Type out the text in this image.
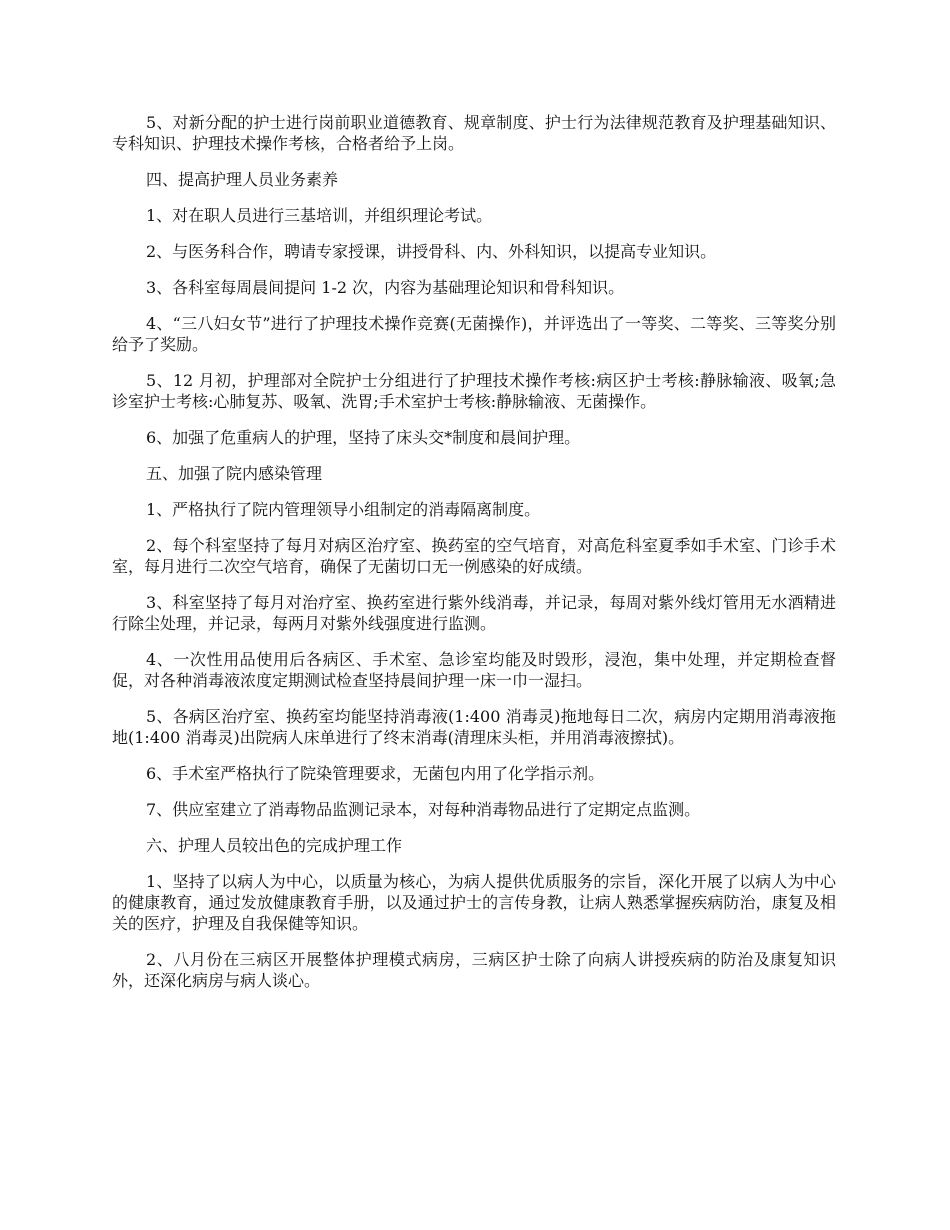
5、对新分配的护士进行岗前职业道德教育、规章制度、护士行为法律规范教育及护理基础知识、专科知识、护理技术操作考核，合格者给予上岗。

四、提高护理人员业务素养

1、对在职人员进行三基培训，并组织理论考试。

2、与医务科合作，聘请专家授课，讲授骨科、内、外科知识，以提高专业知识。

3、各科室每周晨间提问 1-2 次，内容为基础理论知识和骨科知识。

4、“三八妇女节”进行了护理技术操作竞赛(无菌操作)，并评选出了一等奖、二等奖、三等奖分别给予了奖励。

5、12 月初，护理部对全院护士分组进行了护理技术操作考核:病区护士考核:静脉输液、吸氧;急诊室护士考核:心肺复苏、吸氧、洗胃;手术室护士考核:静脉输液、无菌操作。

6、加强了危重病人的护理，坚持了床头交*制度和晨间护理。

五、加强了院内感染管理

1、严格执行了院内管理领导小组制定的消毒隔离制度。

2、每个科室坚持了每月对病区治疗室、换药室的空气培育，对高危科室夏季如手术室、门诊手术室，每月进行二次空气培育，确保了无菌切口无一例感染的好成绩。

3、科室坚持了每月对治疗室、换药室进行紫外线消毒，并记录，每周对紫外线灯管用无水酒精进行除尘处理，并记录，每两月对紫外线强度进行监测。

4、一次性用品使用后各病区、手术室、急诊室均能及时毁形，浸泡，集中处理，并定期检查督促，对各种消毒液浓度定期测试检查坚持晨间护理一床一巾一湿扫。

5、各病区治疗室、换药室均能坚持消毒液(1:400 消毒灵)拖地每日二次，病房内定期用消毒液拖地(1:400 消毒灵)出院病人床单进行了终末消毒(清理床头柜，并用消毒液擦拭)。

6、手术室严格执行了院染管理要求，无菌包内用了化学指示剂。

7、供应室建立了消毒物品监测记录本，对每种消毒物品进行了定期定点监测。

六、护理人员较出色的完成护理工作

1、坚持了以病人为中心，以质量为核心，为病人提供优质服务的宗旨，深化开展了以病人为中心的健康教育，通过发放健康教育手册，以及通过护士的言传身教，让病人熟悉掌握疾病防治，康复及相关的医疗，护理及自我保健等知识。

2、八月份在三病区开展整体护理模式病房，三病区护士除了向病人讲授疾病的防治及康复知识外，还深化病房与病人谈心。
